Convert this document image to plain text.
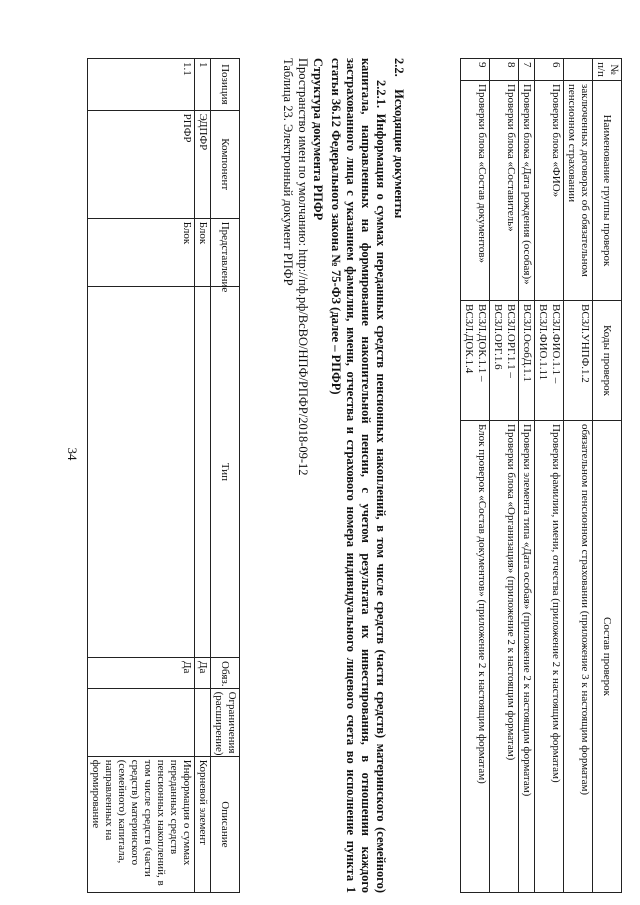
34
№ п/п	Наименование группы проверок	Коды проверок	Состав проверок
	заключенных договорах об обязательном пенсионном страховании	ВСЗЛ.УНПФ.1.2	обязательном пенсионном страховании (приложение 3 к настоящим форматам)
6	Проверки блока «ФИО»	ВСЗЛ.ФИО.1.1 – ВСЗЛ.ФИО.1.11	Проверки фамилии, имени, отчества (приложение 2 к настоящим форматам)
7	Проверки блока «Дата рождения (особая)»	ВСЗЛ.ОсобД.1.1	Проверки элемента типа «Дата особая» (приложение 2 к настоящим форматам)
8	Проверки блока «Составитель»	ВСЗЛ.ОРГ.1.1 – ВСЗЛ.ОРГ.1.6	Проверки блока «Организация» (приложение 2 к настоящим форматам)
9	Проверки блока «Состав документов»	ВСЗЛ.ДОК.1.1 – ВСЗЛ.ДОК.1.4	Блок проверок «Состав документов» (приложение 2 к настоящим форматам)

2.2. Исходящие документы

2.2.1. Информация о суммах переданных средств пенсионных накоплений, в том числе средств (части средств) материнского (семейного) капитала, направленных на формирование накопительной пенсии, с учетом результата их инвестирования, в отношении каждого застрахованного лица с указанием фамилии, имени, отчества и страхового номера индивидуального лицевого счета во исполнение пункта 1 статьи 36.12 Федерального закона № 75-ФЗ (далее – РПФР)

Структура документа РПФР

Пространство имен по умолчанию: http://пф.рф/ВсВО/НПФ/РПФР/2018-09-12

Таблица 23. Электронный документ РПФР

Позиция	Компонент	Представление	Тип	Обяз.	Ограничения (расширение)	Описание
1	ЭДПФР	Блок		Да		Корневой элемент
1.1	РПФР	Блок		Да		Информация о суммах переданных средств пенсионных накоплений, в том числе средств (части средств) материнского (семейного) капитала, направленных на формирование
